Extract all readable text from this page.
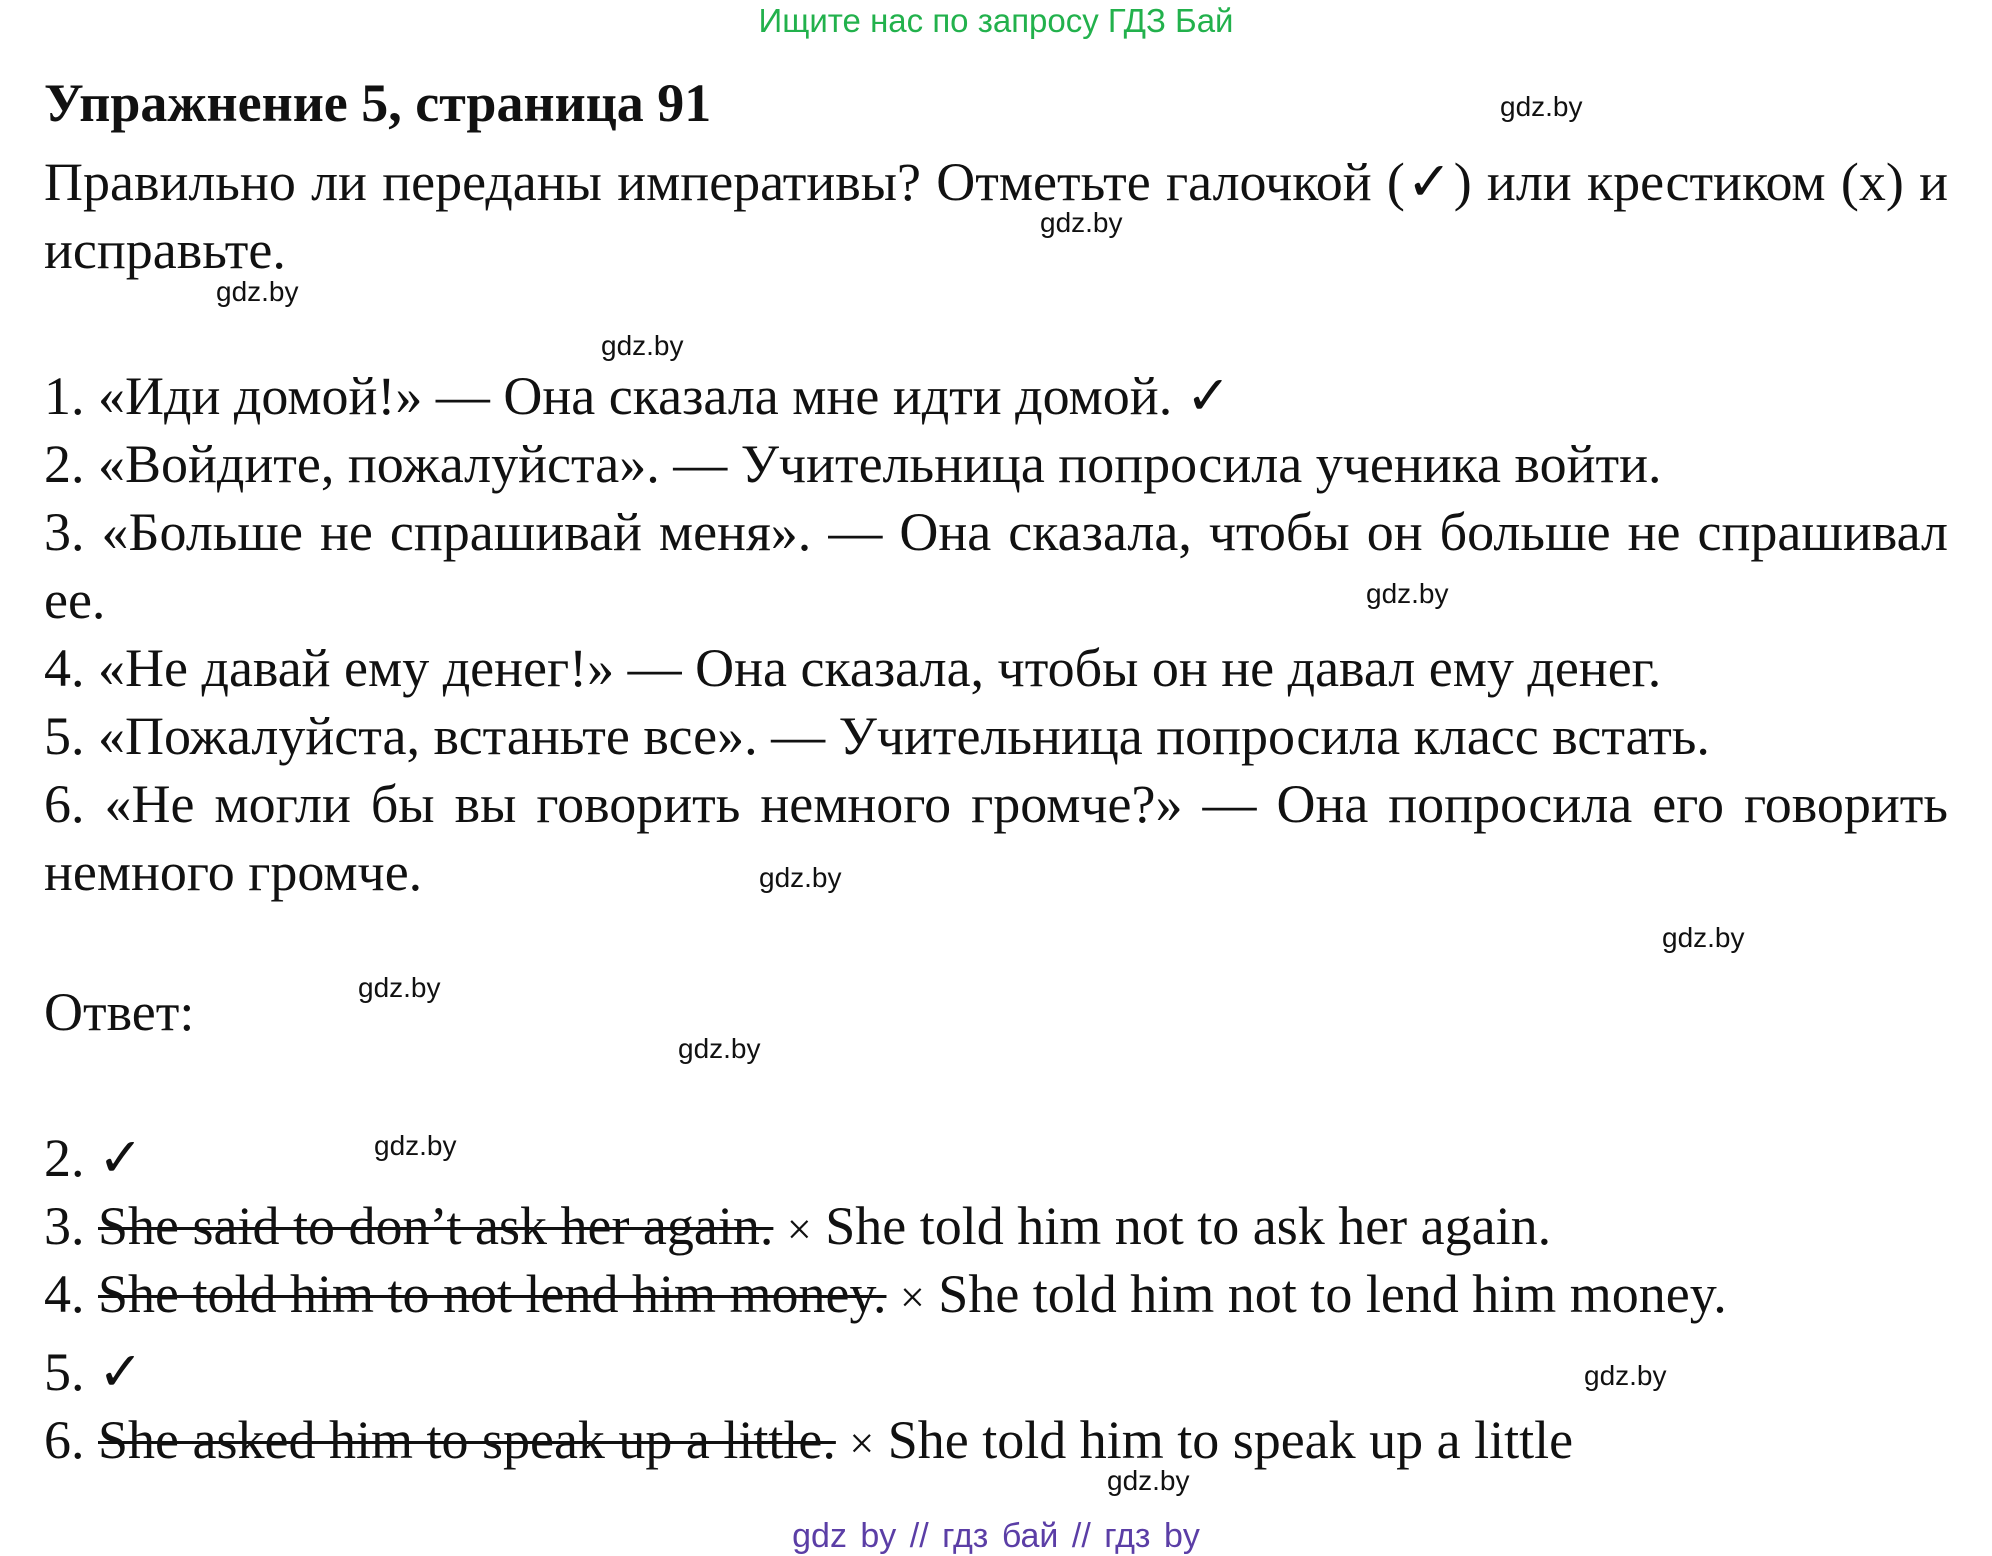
Ищите нас по запросу ГДЗ Бай
Упражнение 5, страница 91
Правильно ли переданы императивы? Отметьте галочкой (✓) или крестиком (x) и исправьте.
1. «Иди домой!» — Она сказала мне идти домой. ✓
2. «Войдите, пожалуйста». — Учительница попросила ученика войти.
3. «Больше не спрашивай меня». — Она сказала, чтобы он больше не спрашивал ее.
4. «Не давай ему денег!» — Она сказала, чтобы он не давал ему денег.
5. «Пожалуйста, встаньте все». — Учительница попросила класс встать.
6. «Не могли бы вы говорить немного громче?» — Она попросила его говорить немного громче.
Ответ:
2. ✓
3. She said to don’t ask her again. × She told him not to ask her again.
4. She told him to not lend him money. × She told him not to lend him money.
5. ✓
6. She asked him to speak up a little. × She told him to speak up a little
gdz.by
gdz.by
gdz.by
gdz.by
gdz.by
gdz.by
gdz.by
gdz.by
gdz.by
gdz.by
gdz.by
gdz.by
gdz by // гдз бай // гдз by
